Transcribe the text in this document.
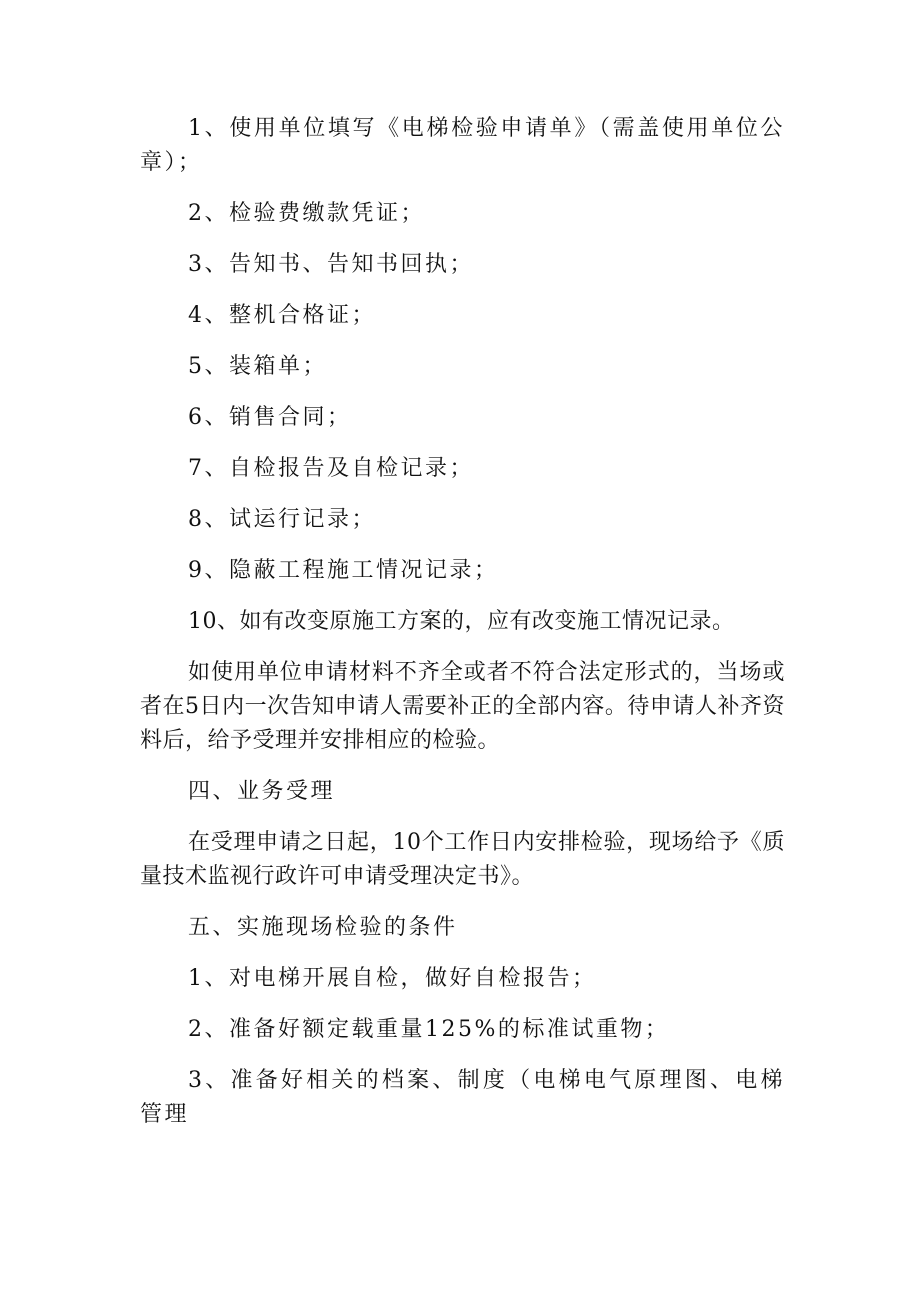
1、使用单位填写《电梯检验申请单》（需盖使用单位公章）；

2、检验费缴款凭证；

3、告知书、告知书回执；

4、整机合格证；

5、装箱单；

6、销售合同；

7、自检报告及自检记录；

8、试运行记录；

9、隐蔽工程施工情况记录；

10、如有改变原施工方案的，应有改变施工情况记录。

如使用单位申请材料不齐全或者不符合法定形式的，当场或者在5日内一次告知申请人需要补正的全部内容。待申请人补齐资料后，给予受理并安排相应的检验。

四、业务受理

在受理申请之日起，10个工作日内安排检验，现场给予《质量技术监视行政许可申请受理决定书》。

五、实施现场检验的条件

1、对电梯开展自检，做好自检报告；

2、准备好额定载重量125%的标准试重物；

3、准备好相关的档案、制度（电梯电气原理图、电梯管理
